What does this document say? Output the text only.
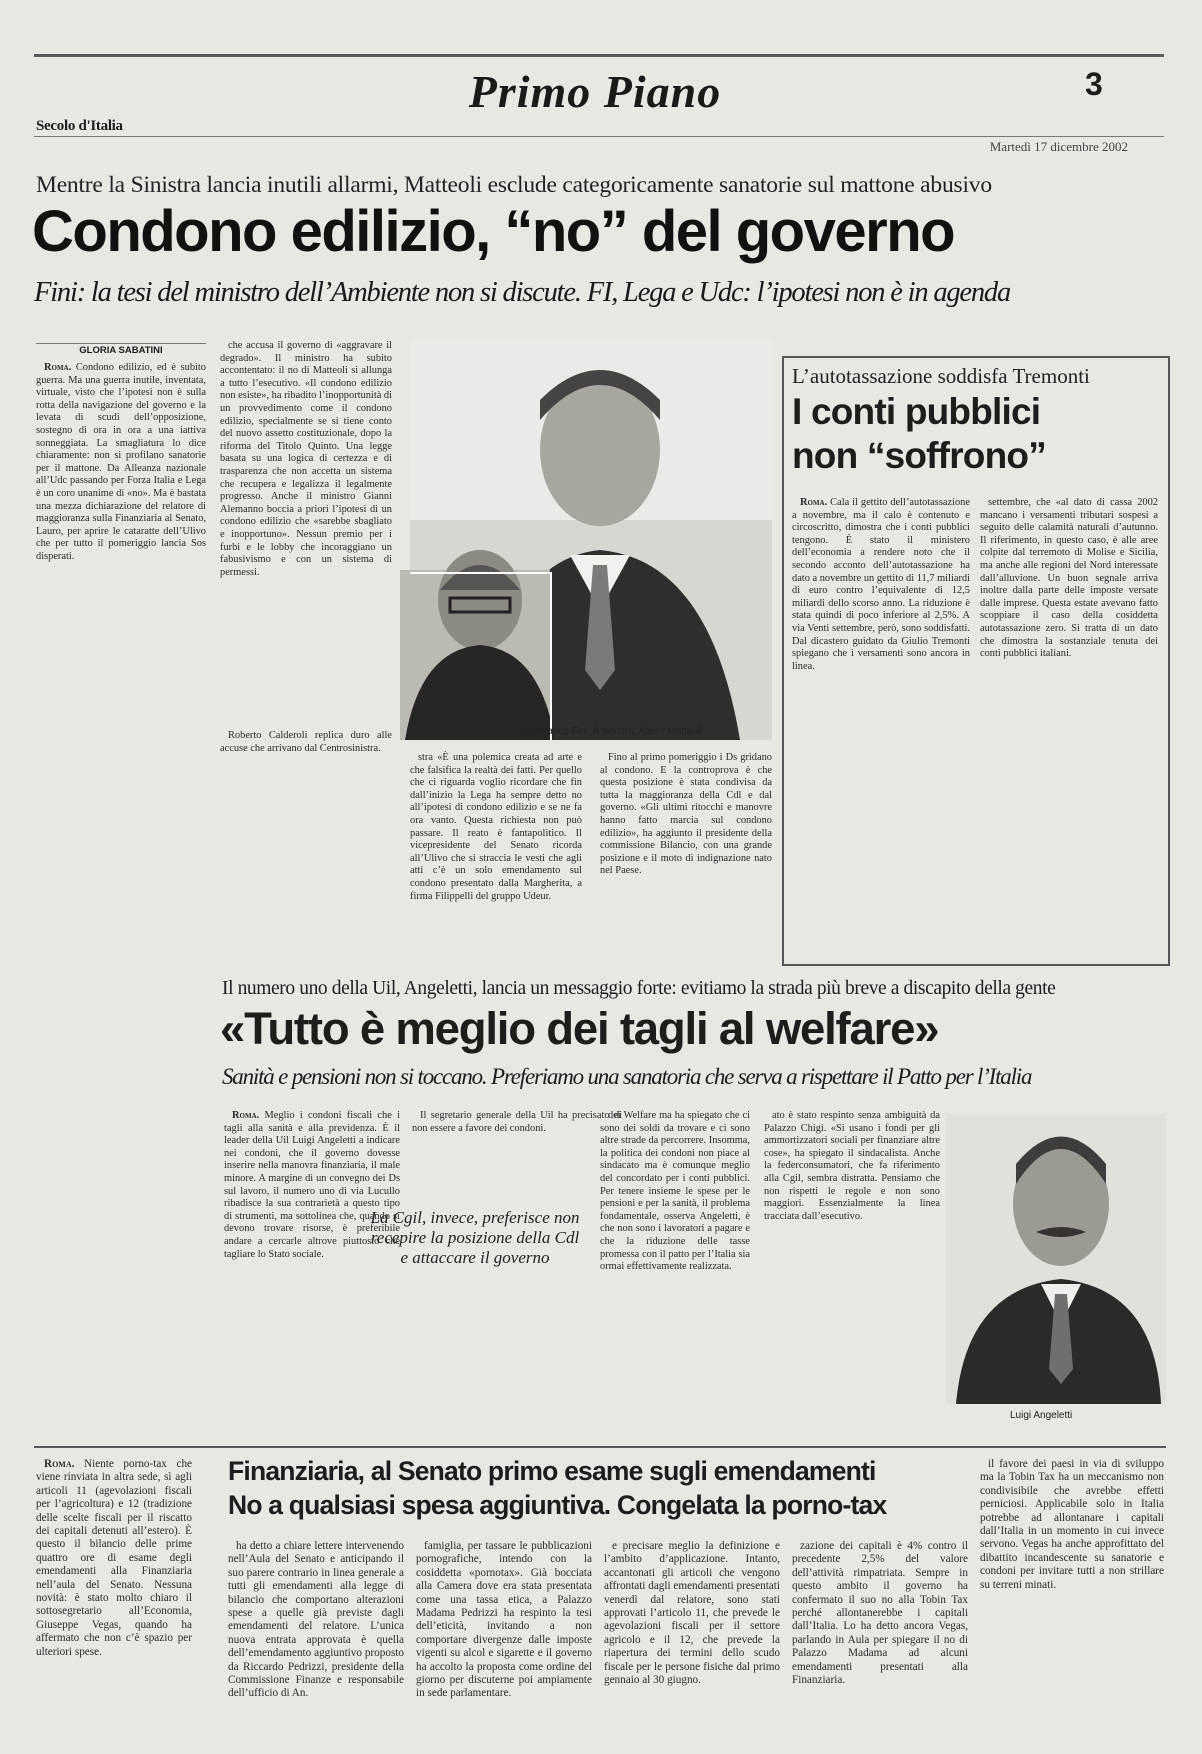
Primo Piano	3
Secolo d'Italia
Martedì 17 dicembre 2002
Mentre la Sinistra lancia inutili allarmi, Matteoli esclude categoricamente sanatorie sul mattone abusivo
Condono edilizio, “no” del governo
Fini: la tesi del ministro dell’Ambiente non si discute. FI, Lega e Udc: l’ipotesi non è in agenda
GLORIA SABATINI

Roma. Condono edilizio, ed è subito guerra. Ma una guerra inutile, inventata, virtuale, visto che l’ipotesi non è sulla rotta della navigazione del governo e la levata di scudi dell’opposizione, sostegno di ora in ora a una iattiva sonneggiata. La smagliatura lo dice chiaramente: non si profilano sanatorie per il mattone. Da Alleanza nazionale all’Udc passando per Forza Italia e Lega è un coro unanime di «no». Ma è bastata una mezza dichiarazione del relatore di maggioranza sulla Finanziaria al Senato, Lauro, per aprire le cataratte dell’Ulivo che per tutto il pomeriggio lancia Sos disperati.

che accusa il governo di «aggravare il degrado». Il ministro ha subito accontentato: il no di Matteoli si allunga a tutto l’esecutivo. «Il condono edilizio non esiste», ha ribadito l’inopportunità di un provvedimento come il condono edilizio, specialmente se si tiene conto del nuovo assetto costituzionale, dopo la riforma del Titolo Quinto. Una legge basata su una logica di certezza e di trasparenza che non accetta un sistema che recupera e legalizza il legalmente progresso. Anche il ministro Gianni Alemanno boccia a priori l’ipotesi di un condono edilizio che «sarebbe sbagliato e inopportuno». Nessun premio per i furbi e le lobby che incoraggiano un fabusivismo e con un sistema di permessi.

Roberto Calderoli replica duro alle accuse che arrivano dal Centrosinistra.

Gianfranco Fini. A sinistra, Altero Matteoli

stra «È una polemica creata ad arte e che falsifica la realtà dei fatti. Per quello che ci riguarda voglio ricordare che fin dall’inizio la Lega ha sempre detto no all’ipotesi di condono edilizio e se ne fa ora vanto. Questa richiesta non può passare. Il reato è fantapolitico. Il vicepresidente del Senato ricorda all’Ulivo che si straccia le vesti che agli atti c’è un solo emendamento sul condono presentato dalla Margherita, a firma Filippelli del gruppo Udeur.

Fino al primo pomeriggio i Ds gridano al condono. E la controprova è che questa posizione è stata condivisa da tutta la maggioranza della Cdl e dal governo. «Gli ultimi ritocchi e manovre hanno fatto marcia sul condono edilizio», ha aggiunto il presidente della commissione Bilancio, con una grande posizione e il moto di indignazione nato nel Paese.

L’autotassazione soddisfa Tremonti
I conti pubblici non “soffrono”

Roma. Cala il gettito dell’autotassazione a novembre, ma il calo è contenuto e circoscritto, dimostra che i conti pubblici tengono. È stato il ministero dell’economia a rendere noto che il secondo acconto dell’autotassazione ha dato a novembre un gettito di 11,7 miliardi di euro contro l’equivalente di 12,5 miliardi dello scorso anno. La riduzione è stata quindi di poco inferiore al 2,5%. A via Venti settembre, però, sono soddisfatti. Dal dicastero guidato da Giulio Tremonti spiegano che i versamenti sono ancora in linea.

settembre, che «al dato di cassa 2002 mancano i versamenti tributari sospesi a seguito delle calamità naturali d’autunno. Il riferimento, in questo caso, è alle aree colpite dal terremoto di Molise e Sicilia, ma anche alle regioni del Nord interessate dall’alluvione. Un buon segnale arriva inoltre dalla parte delle imposte versate dalle imprese. Questa estate avevano fatto scoppiare il caso della cosiddetta autotassazione zero. Si tratta di un dato che dimostra la sostanziale tenuta dei conti pubblici italiani.

Il numero uno della Uil, Angeletti, lancia un messaggio forte: evitiamo la strada più breve a discapito della gente
«Tutto è meglio dei tagli al welfare»
Sanità e pensioni non si toccano. Preferiamo una sanatoria che serva a rispettare il Patto per l’Italia

Roma. Meglio i condoni fiscali che i tagli alla sanità e alla previdenza. È il leader della Uil Luigi Angeletti a indicare nei condoni, che il governo dovesse inserire nella manovra finanziaria, il male minore. A margine di un convegno dei Ds sul lavoro, il numero uno di via Lucullo ribadisce la sua contrarietà a questo tipo di strumenti, ma sottolinea che, quando si devono trovare risorse, è preferibile andare a cercarle altrove piuttosto che tagliare lo Stato sociale.

Il segretario generale della Uil ha precisato di non essere a favore dei condoni.

La Cgil, invece, preferisce non recepire la posizione della Cdl e attaccare il governo

dei Welfare ma ha spiegato che ci sono dei soldi da trovare e ci sono altre strade da percorrere. Insomma, la politica dei condoni non piace al sindacato ma è comunque meglio del concordato per i conti pubblici. Per tenere insieme le spese per le pensioni e per la sanità, il problema fondamentale, osserva Angeletti, è che non sono i lavoratori a pagare e che la riduzione delle tasse promessa con il patto per l’Italia sia ormai effettivamente realizzata.

ato è stato respinto senza ambiguità da Palazzo Chigi. «Si usano i fondi per gli ammortizzatori sociali per finanziare altre cose», ha spiegato il sindacalista. Anche la federconsumatori, che fa riferimento alla Cgil, sembra distratta. Pensiamo che non rispetti le regole e non sono maggiori. Essenzialmente la linea tracciata dall’esecutivo.

Luigi Angeletti

Roma. Niente porno-tax che viene rinviata in altra sede, sì agli articoli 11 (agevolazioni fiscali per l’agricoltura) e 12 (tradizione delle scelte fiscali per il riscatto dei capitali detenuti all’estero). È questo il bilancio delle prime quattro ore di esame degli emendamenti alla Finanziaria nell’aula del Senato. Nessuna novità: è stato molto chiaro il sottosegretario all’Economia, Giuseppe Vegas, quando ha affermato che non c’è spazio per ulteriori spese.

Finanziaria, al Senato primo esame sugli emendamenti
No a qualsiasi spesa aggiuntiva. Congelata la porno-tax

ha detto a chiare lettere intervenendo nell’Aula del Senato e anticipando il suo parere contrario in linea generale a tutti gli emendamenti alla legge di bilancio che comportano alterazioni spese a quelle già previste dagli emendamenti del relatore. L’unica nuova entrata approvata è quella dell’emendamento aggiuntivo proposto da Riccardo Pedrizzi, presidente della Commissione Finanze e responsabile dell’ufficio di An.

famiglia, per tassare le pubblicazioni pornografiche, intendo con la cosiddetta «pornotax». Già bocciata alla Camera dove era stata presentata come una tassa etica, a Palazzo Madama Pedrizzi ha respinto la tesi dell’eticità, invitando a non comportare divergenze dalle imposte vigenti su alcol e sigarette e il governo ha accolto la proposta come ordine del giorno per discuterne poi ampiamente in sede parlamentare.

e precisare meglio la definizione e l’ambito d’applicazione. Intanto, accantonati gli articoli che vengono affrontati dagli emendamenti presentati venerdì dal relatore, sono stati approvati l’articolo 11, che prevede le agevolazioni fiscali per il settore agricolo e il 12, che prevede la riapertura dei termini dello scudo fiscale per le persone fisiche dal primo gennaio al 30 giugno.

zazione dei capitali è 4% contro il precedente 2,5% del valore dell’attività rimpatriata. Sempre in questo ambito il governo ha confermato il suo no alla Tobin Tax perché allontanerebbe i capitali dall’Italia. Lo ha detto ancora Vegas, parlando in Aula per spiegare il no di Palazzo Madama ad alcuni emendamenti presentati alla Finanziaria.

il favore dei paesi in via di sviluppo ma la Tobin Tax ha un meccanismo non condivisibile che avrebbe effetti perniciosi. Applicabile solo in Italia potrebbe ad allontanare i capitali dall’Italia in un momento in cui invece servono. Vegas ha anche approfittato del dibattito incandescente su sanatorie e condoni per invitare tutti a non strillare su terreni minati.
